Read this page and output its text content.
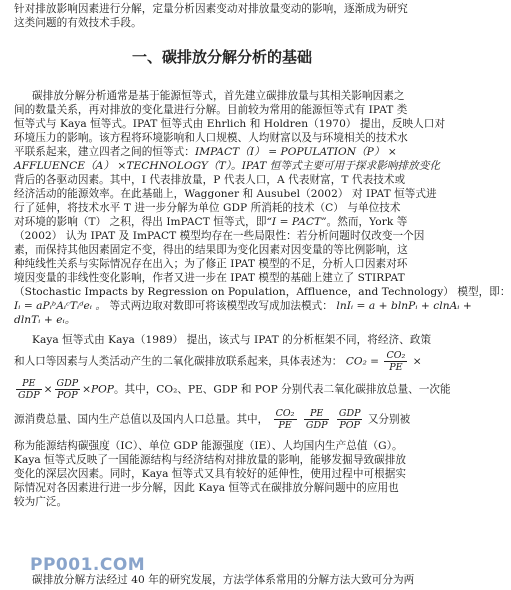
针对排放影响因素进行分解，定量分析因素变动对排放量变动的影响，逐渐成为研究
这类问题的有效技术手段。
一、碳排放分解分析的基础
碳排放分解分析通常是基于能源恒等式，首先建立碳排放量与其相关影响因素之
间的数量关系，再对排放的变化量进行分解。目前较为常用的能源恒等式有 IPAT 类
恒等式与 Kaya 恒等式。IPAT 恒等式由 Ehrlich 和 Holdren（1970） 提出，反映人口对
环境压力的影响。该方程将环境影响和人口规模、人均财富以及与环境相关的技术水
平联系起来，建立四者之间的恒等式：IMPACT（I） = POPULATION（P） ×
AFFLUENCE（A） ×TECHNOLOGY（T）。IPAT 恒等式主要可用于探求影响排放变化
背后的各驱动因素。其中，I 代表排放量，P 代表人口，A 代表财富，T 代表技术或
经济活动的能源效率。在此基础上，Waggoner 和 Ausubel（2002） 对 IPAT 恒等式进
行了延伸，将技术水平 T 进一步分解为单位 GDP 所消耗的技术（C） 与单位技术
对环境的影响（T） 之积，得出 ImPACT 恒等式，即“I = PACT”。然而，York 等
（2002） 认为 IPAT 及 ImPACT 模型均存在一些局限性：若分析问题时仅改变一个因
素，而保持其他因素固定不变，得出的结果即为变化因素对因变量的等比例影响，这
种纯线性关系与实际情况存在出入；为了修正 IPAT 模型的不足，分析人口因素对环
境因变量的非线性变化影响，作者又进一步在 IPAT 模型的基础上建立了 STIRPAT
（Stochastic Impacts by Regression on Population，Affluence，and Technology） 模型，即：
Iᵢ = aPᵢᵇAᵢᶜTᵢᵈeᵢ 。 等式两边取对数即可将该模型改写成加法模式： lnIᵢ = a + blnPᵢ + clnAᵢ +
dlnTᵢ + eᵢ。
Kaya 恒等式由 Kaya（1989） 提出，该式与 IPAT 的分析框架不同，将经济、政策
和人口等因素与人类活动产生的二氧化碳排放联系起来，具体表述为： $CO_2 = \frac{\text{CO₂}}{PE}$ ×
$\frac{PE}{\text{GDP}} \times \frac{\text{GDP}}{\text{POP}} \times POP$。其中，CO₂、PE、GDP 和 POP 分别代表二氧化碳排放总量、一次能
源消费总量、国内生产总值以及国内人口总量。其中， $\frac{\text{CO₂}}{PE}$
$\frac{PE}{\text{GDP}}$
$\frac{\text{GDP}}{\text{POP}}$ 又分别被
称为能源结构碳强度（IC）、单位 GDP 能源强度（IE）、人均国内生产总值（G）。
Kaya 恒等式反映了一国能源结构与经济结构对排放量的影响，能够发掘导致碳排放
变化的深层次因素。同时，Kaya 恒等式又具有较好的延伸性，使用过程中可根据实
际情况对各因素进行进一步分解，因此 Kaya 恒等式在碳排放分解问题中的应用也
较为广泛。
PP001.COM
碳排放分解方法经过 40 年的研究发展，方法学体系常用的分解方法大致可分为两
